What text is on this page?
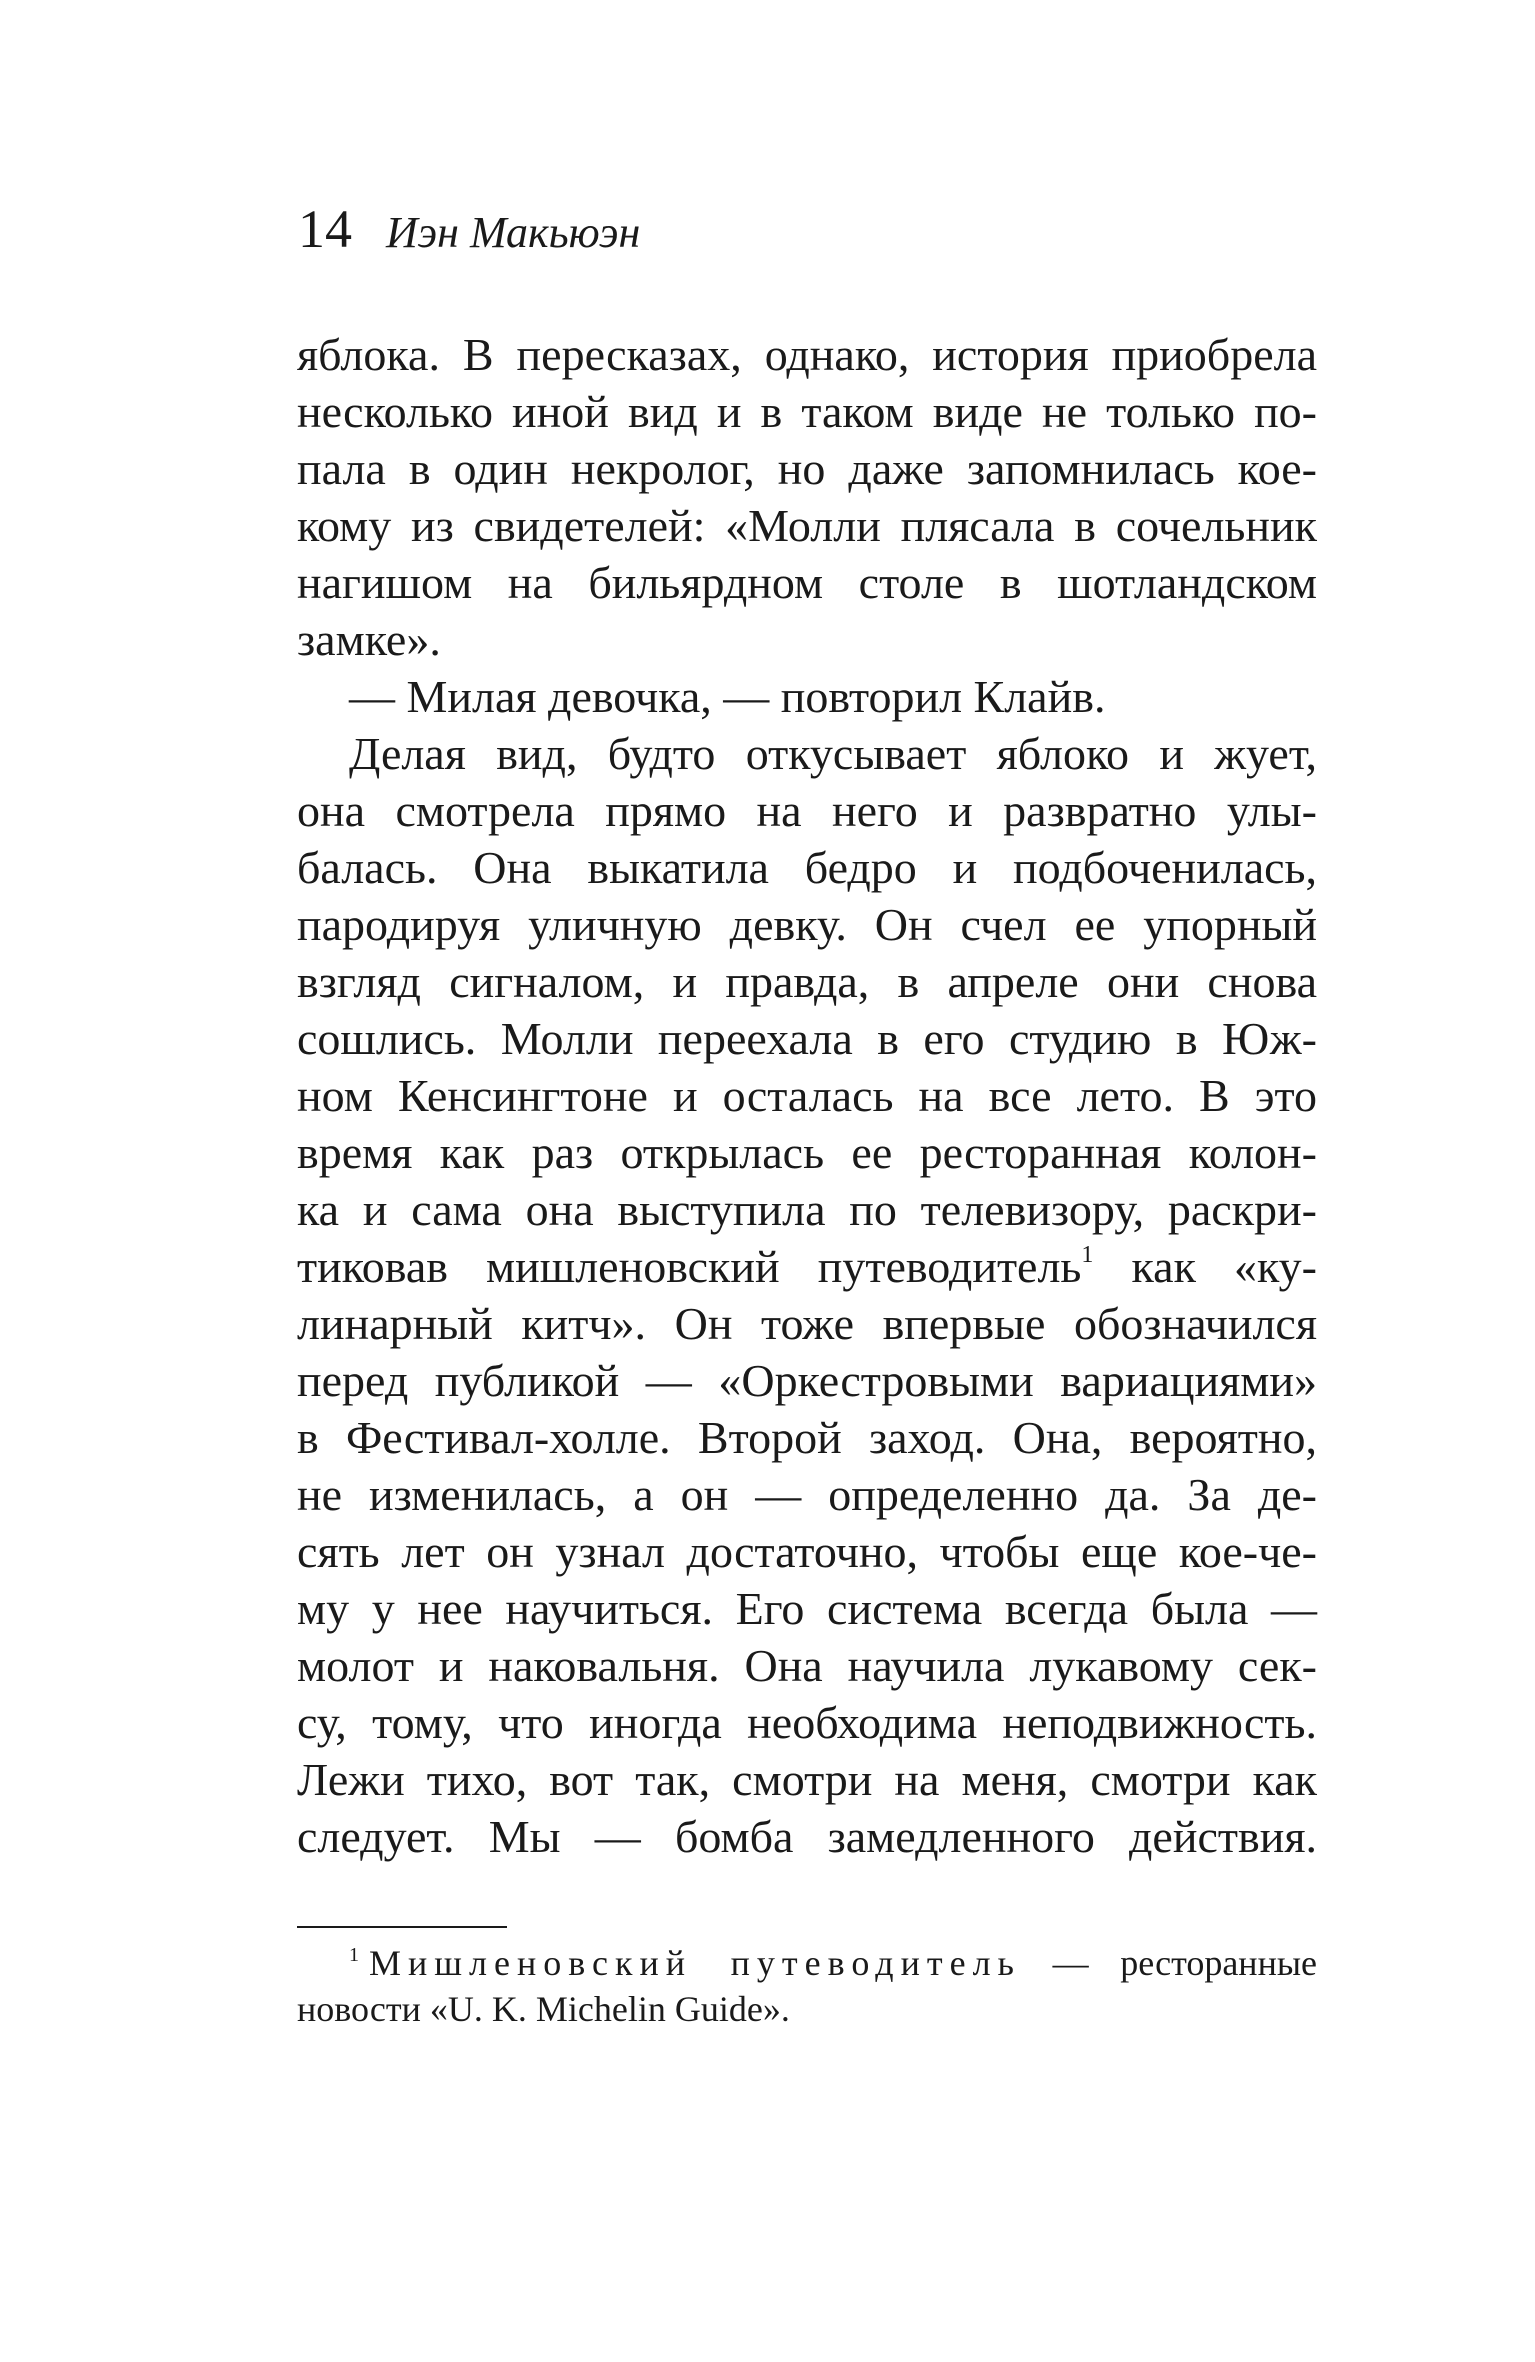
14 Иэн Макьюэн
яблока. В пересказах, однако, история приобрела
несколько иной вид и в таком виде не только по-
пала в один некролог, но даже запомнилась кое-
кому из свидетелей: «Молли плясала в сочельник
нагишом на бильярдном столе в шотландском
замке».
— Милая девочка, — повторил Клайв.
Делая вид, будто откусывает яблоко и жует,
она смотрела прямо на него и развратно улы-
балась. Она выкатила бедро и подбоченилась,
пародируя уличную девку. Он счел ее упорный
взгляд сигналом, и правда, в апреле они снова
сошлись. Молли переехала в его студию в Юж-
ном Кенсингтоне и осталась на все лето. В это
время как раз открылась ее ресторанная колон-
ка и сама она выступила по телевизору, раскри-
тиковав мишленовский путеводитель$^1$ как «ку-
линарный китч». Он тоже впервые обозначился
перед публикой — «Оркестровыми вариациями»
в Фестивал-холле. Второй заход. Она, вероятно,
не изменилась, а он — определенно да. За де-
сять лет он узнал достаточно, чтобы еще кое-че-
му у нее научиться. Его система всегда была —
молот и наковальня. Она научила лукавому сек-
су, тому, что иногда необходима неподвижность.
Лежи тихо, вот так, смотри на меня, смотри как
следует. Мы — бомба замедленного действия.
$^1$ Мишленовский путеводитель — ресторанные
новости «U. K. Michelin Guide».
